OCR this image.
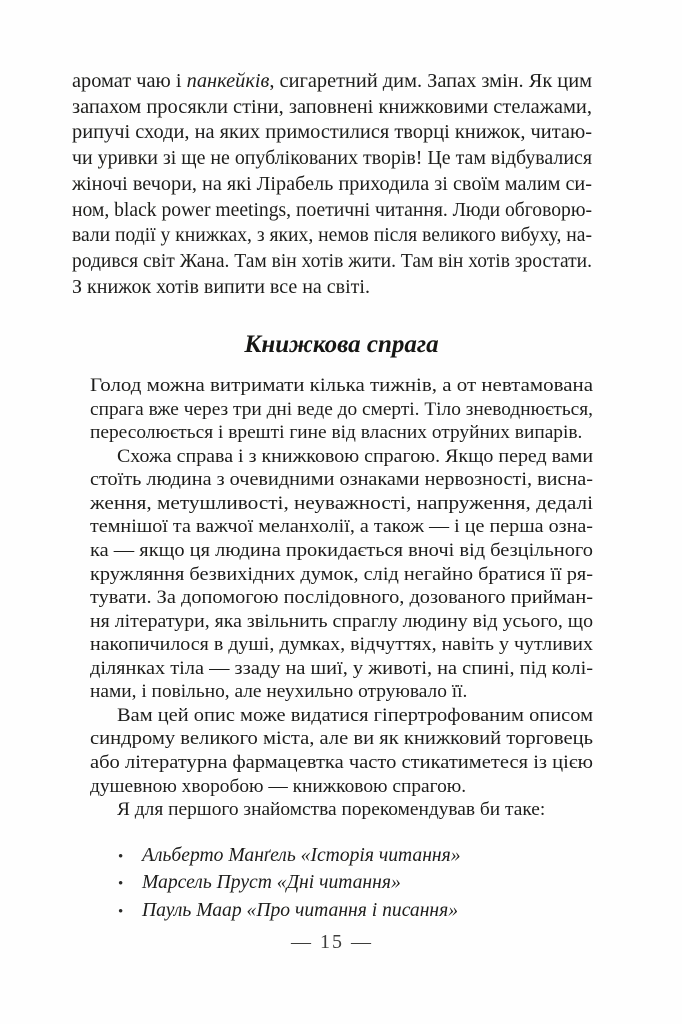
аромат чаю і панкейків, сигаретний дим. Запах змін. Як цим
запахом просякли стіни, заповнені книжковими стелажами,
рипучі сходи, на яких примостилися творці книжок, читаю-
чи уривки зі ще не опублікованих творів! Це там відбувалися
жіночі вечори, на які Лірабель приходила зі своїм малим си-
ном, black power meetings, поетичні читання. Люди обговорю-
вали події у книжках, з яких, немов після великого вибуху, на-
родився світ Жана. Там він хотів жити. Там він хотів зростати.
З книжок хотів випити все на світі.
Книжкова спрага
Голод можна витримати кілька тижнів, а от невтамована
спрага вже через три дні веде до смерті. Тіло зневоднюється,
пересолюється і врешті гине від власних отруйних випарів.
Схожа справа і з книжковою спрагою. Якщо перед вами
стоїть людина з очевидними ознаками нервозності, висна-
ження, метушливості, неуважності, напруження, дедалі
темнішої та важчої меланхолії, а також — і це перша озна-
ка — якщо ця людина прокидається вночі від безцільного
кружляння безвихідних думок, слід негайно братися її ря-
тувати. За допомогою послідовного, дозованого прийман-
ня літератури, яка звільнить спраглу людину від усього, що
накопичилося в душі, думках, відчуттях, навіть у чутливих
ділянках тіла — ззаду на шиї, у животі, на спині, під колі-
нами, і повільно, але неухильно отруювало її.
Вам цей опис може видатися гіпертрофованим описом
синдрому великого міста, але ви як книжковий торговець
або літературна фармацевтка часто стикатиметеся із цією
душевною хворобою — книжковою спрагою.
Я для першого знайомства порекомендував би таке:
• Альберто Манґель «Історія читання»
• Марсель Пруст «Дні читання»
• Пауль Маар «Про читання і писання»
— 15 —
